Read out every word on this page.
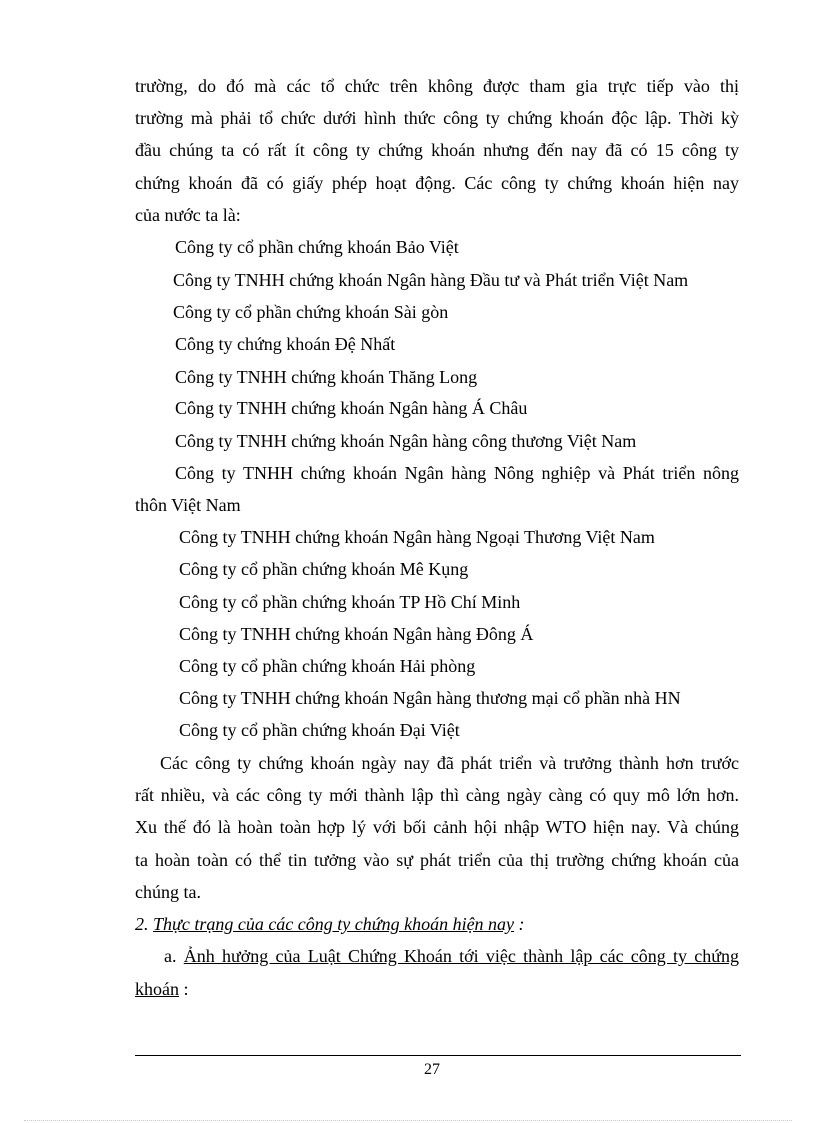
trường, do đó mà các tổ chức trên không được tham gia trực tiếp vào thị
trường mà phải tổ chức dưới hình thức công ty chứng khoán độc lập. Thời kỳ
đầu chúng ta có rất ít công ty chứng khoán nhưng đến nay đã có 15 công ty
chứng khoán đã có giấy phép hoạt động. Các công ty chứng khoán hiện nay
của nước ta là:
Công ty cổ phần chứng khoán Bảo Việt
Công ty TNHH chứng khoán Ngân hàng Đầu tư và Phát triển Việt Nam
Công ty cổ phần chứng khoán Sài gòn
Công ty chứng khoán Đệ Nhất
Công ty TNHH chứng khoán Thăng Long
Công ty TNHH chứng khoán Ngân hàng Á Châu
Công ty TNHH chứng khoán Ngân hàng công thương Việt Nam
Công ty TNHH chứng khoán Ngân hàng Nông nghiệp và Phát triển nông
thôn Việt Nam
Công ty TNHH chứng khoán Ngân hàng Ngoại Thương Việt Nam
Công ty cổ phần chứng khoán Mê Kụng
Công ty cổ phần chứng khoán TP Hồ Chí Minh
Công ty TNHH chứng khoán Ngân hàng Đông Á
Công ty cổ phần chứng khoán Hải phòng
Công ty TNHH chứng khoán Ngân hàng thương mại cổ phần nhà HN
Công ty cổ phần chứng khoán Đại Việt
Các công ty chứng khoán ngày nay đã phát triển và trưởng thành hơn trước
rất nhiều, và các công ty mới thành lập thì càng ngày càng có quy mô lớn hơn.
Xu thế đó là hoàn toàn hợp lý với bối cảnh hội nhập WTO hiện nay. Và chúng
ta hoàn toàn có thể tin tưởng vào sự phát triển của thị trường chứng khoán của
chúng ta.
2. Thực trạng của các công ty chứng khoán hiện nay :
a. Ảnh hưởng của Luật Chứng Khoán tới việc thành lập các công ty chứng
khoán :
27
